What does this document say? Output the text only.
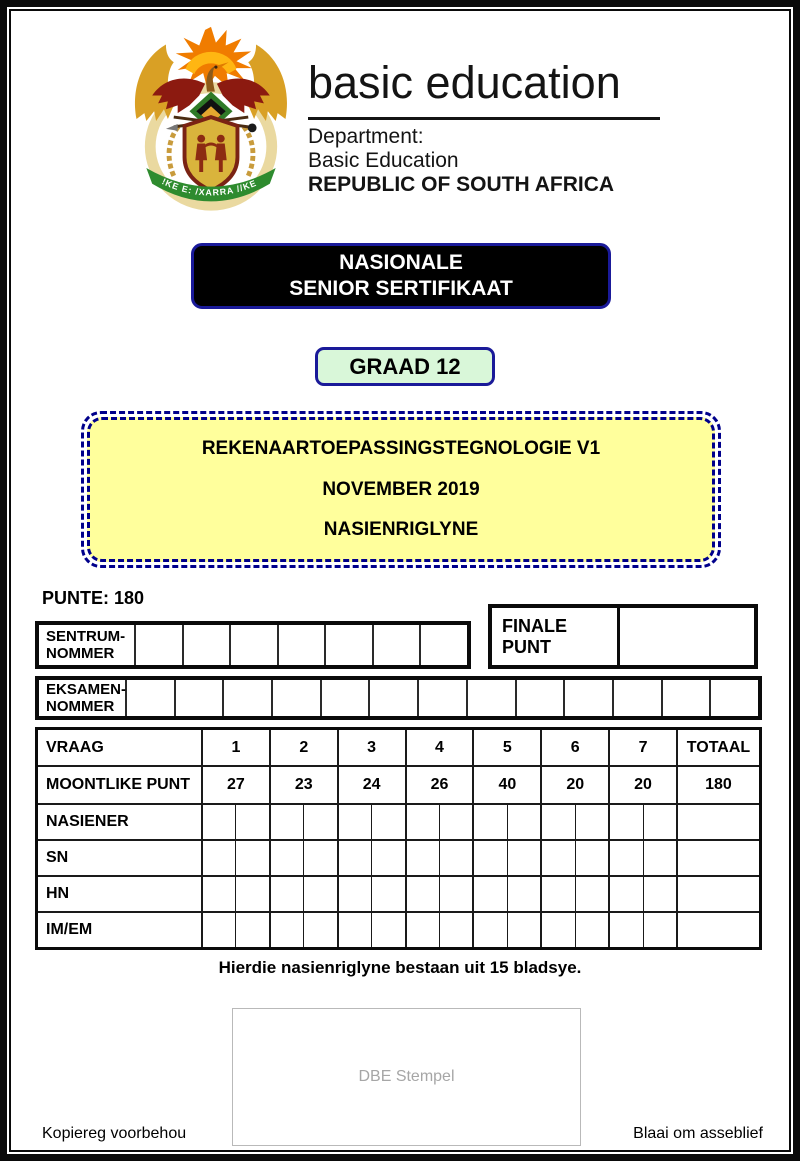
!KE E: /XARRA //KE
basic education
Department:
Basic Education
REPUBLIC OF SOUTH AFRICA
NASIONALE
SENIOR SERTIFIKAAT
GRAAD 12
REKENAARTOEPASSINGSTEGNOLOGIE V1
NOVEMBER 2019
NASIENRIGLYNE
PUNTE: 180
SENTRUM-
NOMMER
FINALE PUNT
EKSAMEN-
NOMMER
VRAAG	1	2	3	4	5	6	7	TOTAAL
MOONTLIKE PUNT	27	23	24	26	40	20	20	180
NASIENER
SN
HN
IM/EM
Hierdie nasienriglyne bestaan uit 15 bladsye.
DBE Stempel
Kopiereg voorbehou	Blaai om asseblief
